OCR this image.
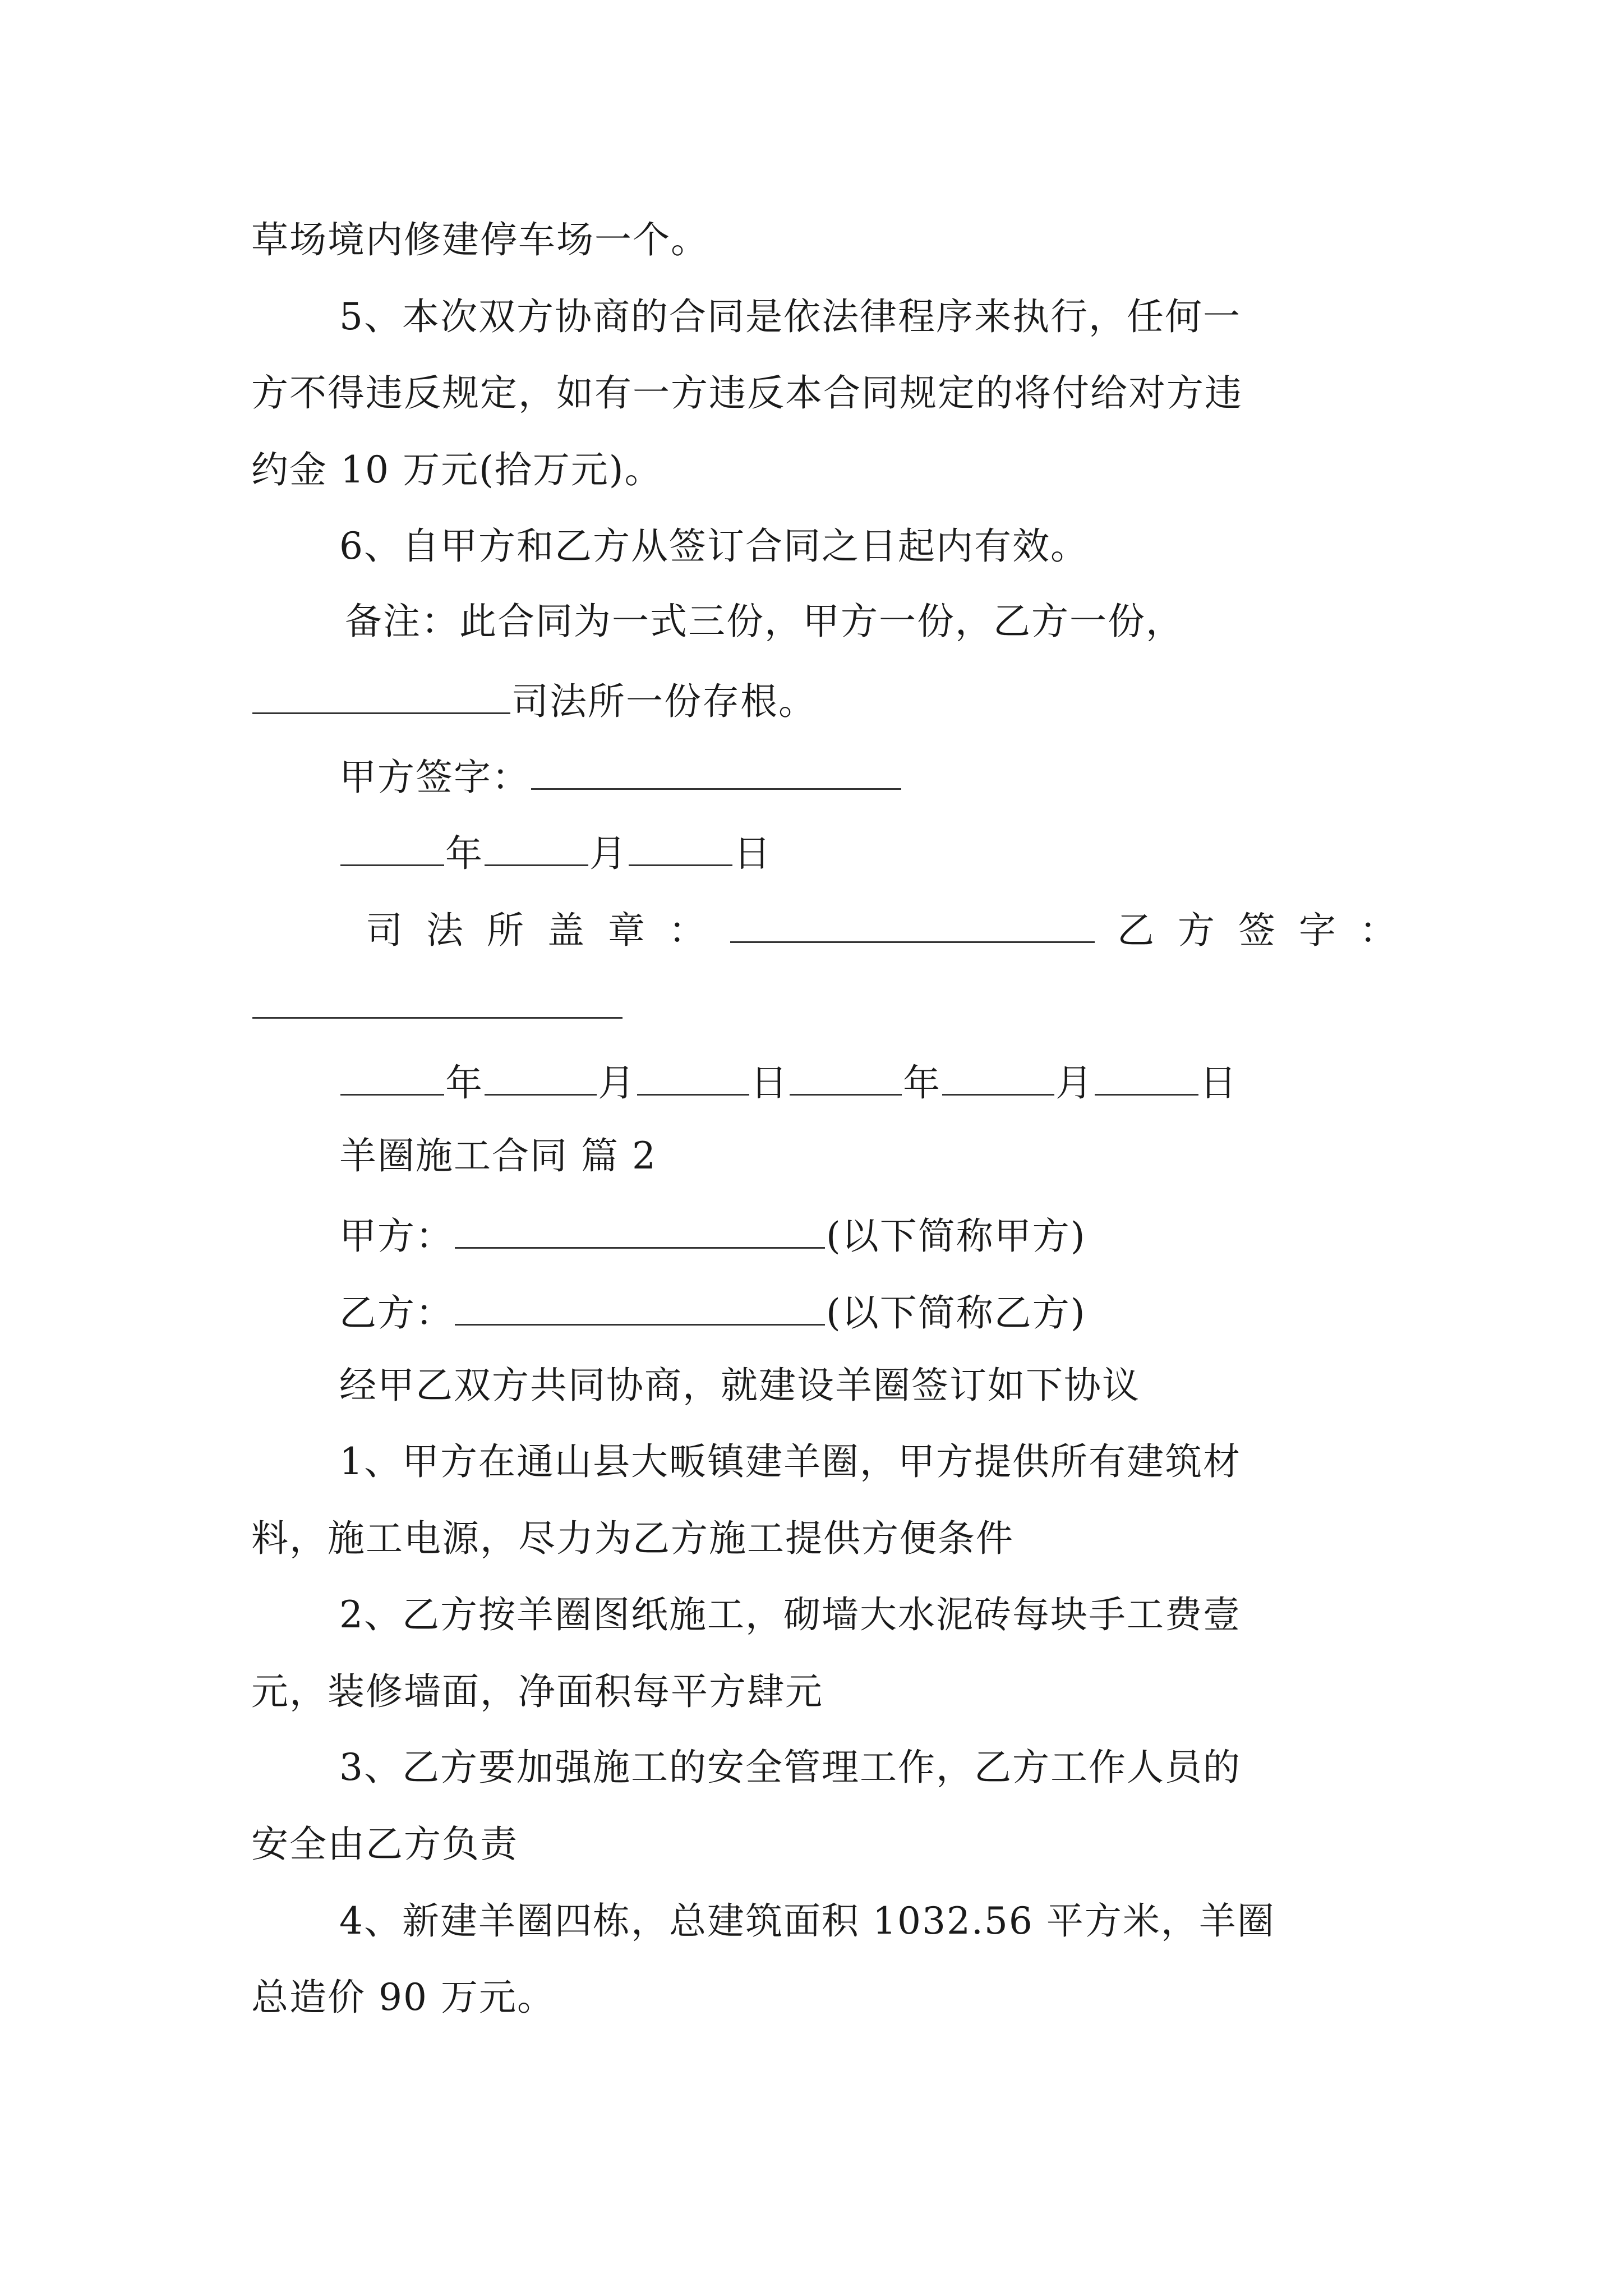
草场境内修建停车场一个。
5、本次双方协商的合同是依法律程序来执行，任何一
方不得违反规定，如有一方违反本合同规定的将付给对方违
约金 10 万元(拾万元)。
6、自甲方和乙方从签订合同之日起内有效。
备注：此合同为一式三份，甲方一份，乙方一份，
司法所一份存根。
甲方签字：
年	月	日
司法所盖章：	乙方签字：
年	月	日	年	月	日
羊圈施工合同 篇 2
甲方：	(以下简称甲方)
乙方：	(以下简称乙方)
经甲乙双方共同协商，就建设羊圈签订如下协议
1、甲方在通山县大畈镇建羊圈，甲方提供所有建筑材
料，施工电源，尽力为乙方施工提供方便条件
2、乙方按羊圈图纸施工，砌墙大水泥砖每块手工费壹
元，装修墙面，净面积每平方肆元
3、乙方要加强施工的安全管理工作，乙方工作人员的
安全由乙方负责
4、新建羊圈四栋，总建筑面积 1032.56 平方米，羊圈
总造价 90 万元。
